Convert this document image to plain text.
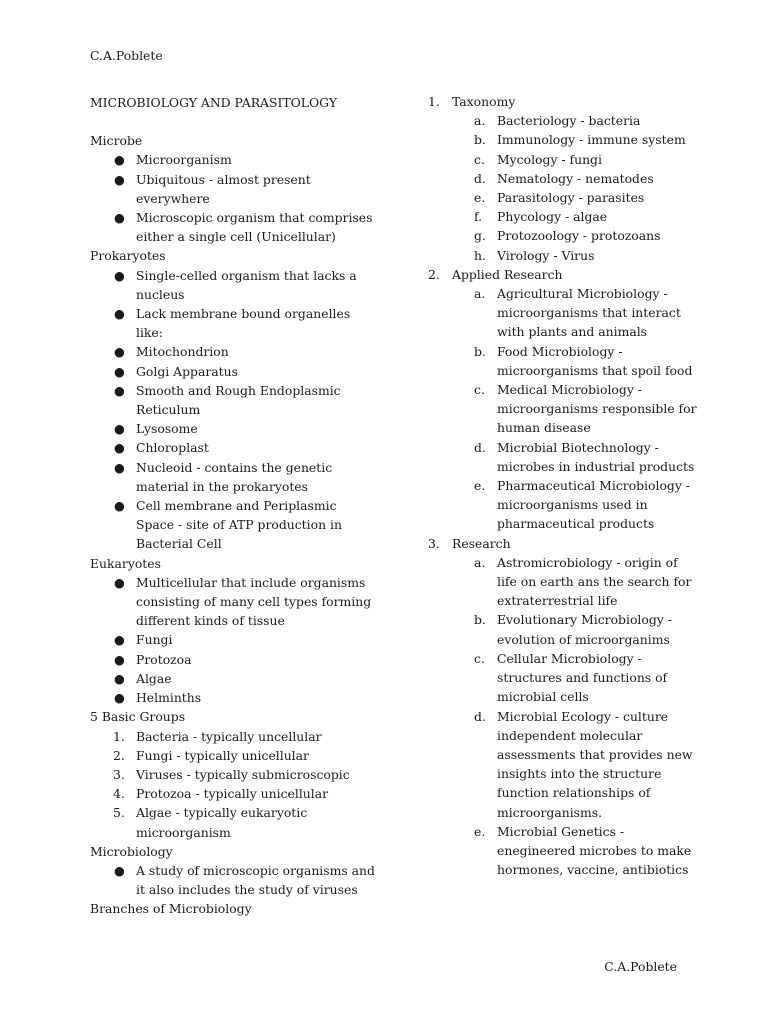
C.A.Poblete
MICROBIOLOGY AND PARASITOLOGY
Microbe
● Microorganism
● Ubiquitous - almost present everywhere
● Microscopic organism that comprises either a single cell (Unicellular)
Prokaryotes
● Single-celled organism that lacks a nucleus
● Lack membrane bound organelles like:
● Mitochondrion
● Golgi Apparatus
● Smooth and Rough Endoplasmic Reticulum
● Lysosome
● Chloroplast
● Nucleoid - contains the genetic material in the prokaryotes
● Cell membrane and Periplasmic Space - site of ATP production in Bacterial Cell
Eukaryotes
● Multicellular that include organisms consisting of many cell types forming different kinds of tissue
● Fungi
● Protozoa
● Algae
● Helminths
5 Basic Groups
1. Bacteria - typically uncellular
2. Fungi - typically unicellular
3. Viruses - typically submicroscopic
4. Protozoa - typically unicellular
5. Algae - typically eukaryotic microorganism
Microbiology
● A study of microscopic organisms and it also includes the study of viruses
Branches of Microbiology
1. Taxonomy
a. Bacteriology - bacteria
b. Immunology - immune system
c. Mycology - fungi
d. Nematology - nematodes
e. Parasitology - parasites
f. Phycology - algae
g. Protozoology - protozoans
h. Virology - Virus
2. Applied Research
a. Agricultural Microbiology - microorganisms that interact with plants and animals
b. Food Microbiology - microorganisms that spoil food
c. Medical Microbiology - microorganisms responsible for human disease
d. Microbial Biotechnology - microbes in industrial products
e. Pharmaceutical Microbiology - microorganisms used in pharmaceutical products
3. Research
a. Astromicrobiology - origin of life on earth ans the search for extraterrestrial life
b. Evolutionary Microbiology - evolution of microorganims
c. Cellular Microbiology - structures and functions of microbial cells
d. Microbial Ecology - culture independent molecular assessments that provides new insights into the structure function relationships of microorganisms.
e. Microbial Genetics - enegineered microbes to make hormones, vaccine, antibiotics
C.A.Poblete
